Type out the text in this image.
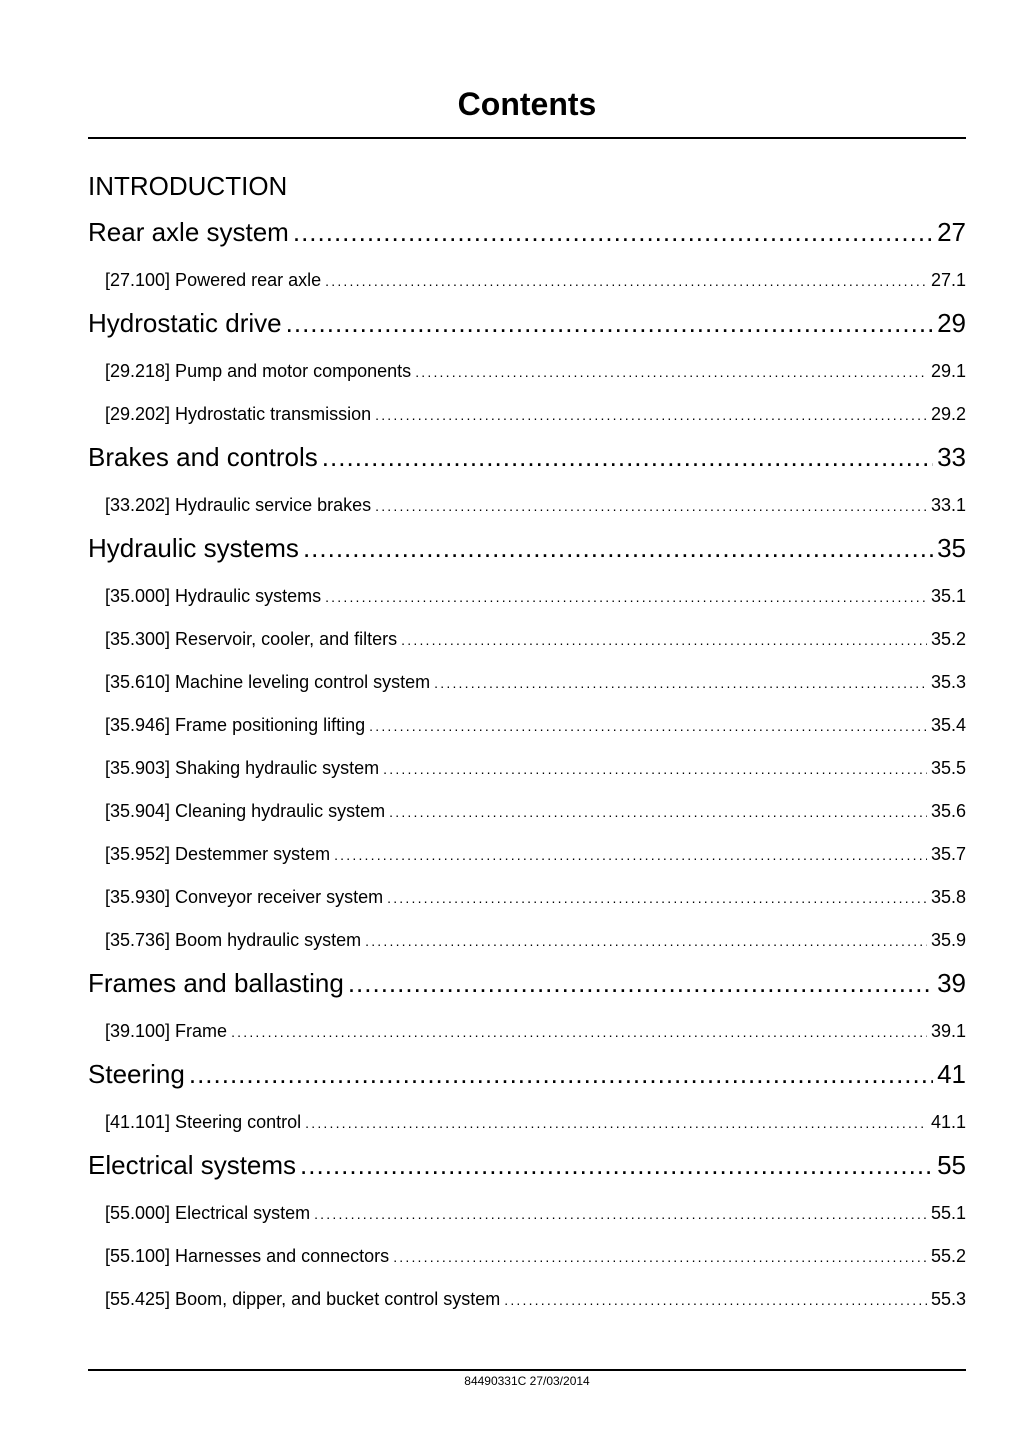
Contents
INTRODUCTION
Rear axle system .....	27
[27.100] Powered rear axle .....	27.1
Hydrostatic drive .....	29
[29.218] Pump and motor components .....	29.1
[29.202] Hydrostatic transmission .....	29.2
Brakes and controls .....	33
[33.202] Hydraulic service brakes .....	33.1
Hydraulic systems .....	35
[35.000] Hydraulic systems .....	35.1
[35.300] Reservoir, cooler, and filters .....	35.2
[35.610] Machine leveling control system .....	35.3
[35.946] Frame positioning lifting .....	35.4
[35.903] Shaking hydraulic system .....	35.5
[35.904] Cleaning hydraulic system .....	35.6
[35.952] Destemmer system .....	35.7
[35.930] Conveyor receiver system .....	35.8
[35.736] Boom hydraulic system .....	35.9
Frames and ballasting .....	39
[39.100] Frame .....	39.1
Steering .....	41
[41.101] Steering control .....	41.1
Electrical systems .....	55
[55.000] Electrical system .....	55.1
[55.100] Harnesses and connectors .....	55.2
[55.425] Boom, dipper, and bucket control system .....	55.3
84490331C 27/03/2014
